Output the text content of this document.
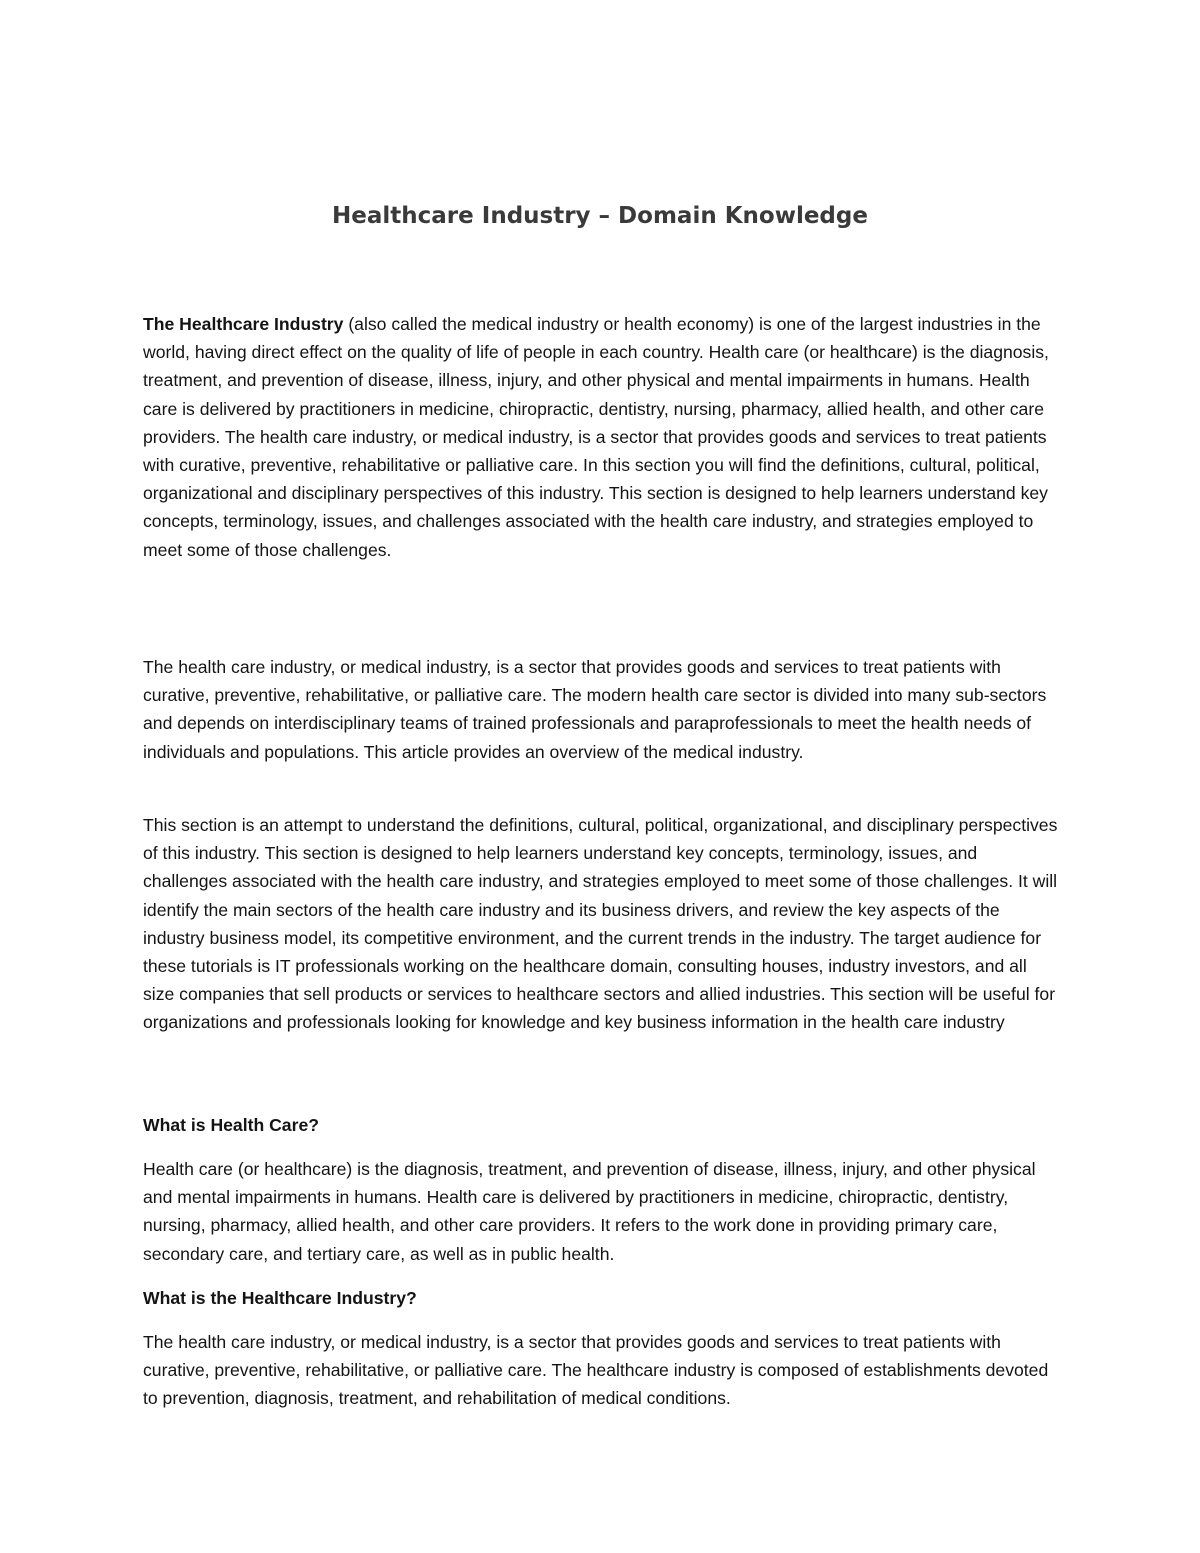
Healthcare Industry – Domain Knowledge

The Healthcare Industry (also called the medical industry or health economy) is one of the largest industries in the world, having direct effect on the quality of life of people in each country. Health care (or healthcare) is the diagnosis, treatment, and prevention of disease, illness, injury, and other physical and mental impairments in humans. Health care is delivered by practitioners in medicine, chiropractic, dentistry, nursing, pharmacy, allied health, and other care providers. The health care industry, or medical industry, is a sector that provides goods and services to treat patients with curative, preventive, rehabilitative or palliative care. In this section you will find the definitions, cultural, political, organizational and disciplinary perspectives of this industry. This section is designed to help learners understand key concepts, terminology, issues, and challenges associated with the health care industry, and strategies employed to meet some of those challenges.

The health care industry, or medical industry, is a sector that provides goods and services to treat patients with curative, preventive, rehabilitative, or palliative care. The modern health care sector is divided into many sub-sectors and depends on interdisciplinary teams of trained professionals and paraprofessionals to meet the health needs of individuals and populations. This article provides an overview of the medical industry.

This section is an attempt to understand the definitions, cultural, political, organizational, and disciplinary perspectives of this industry. This section is designed to help learners understand key concepts, terminology, issues, and challenges associated with the health care industry, and strategies employed to meet some of those challenges. It will identify the main sectors of the health care industry and its business drivers, and review the key aspects of the industry business model, its competitive environment, and the current trends in the industry. The target audience for these tutorials is IT professionals working on the healthcare domain, consulting houses, industry investors, and all size companies that sell products or services to healthcare sectors and allied industries. This section will be useful for organizations and professionals looking for knowledge and key business information in the health care industry

What is Health Care?

Health care (or healthcare) is the diagnosis, treatment, and prevention of disease, illness, injury, and other physical and mental impairments in humans. Health care is delivered by practitioners in medicine, chiropractic, dentistry, nursing, pharmacy, allied health, and other care providers. It refers to the work done in providing primary care, secondary care, and tertiary care, as well as in public health.

What is the Healthcare Industry?

The health care industry, or medical industry, is a sector that provides goods and services to treat patients with curative, preventive, rehabilitative, or palliative care. The healthcare industry is composed of establishments devoted to prevention, diagnosis, treatment, and rehabilitation of medical conditions.
